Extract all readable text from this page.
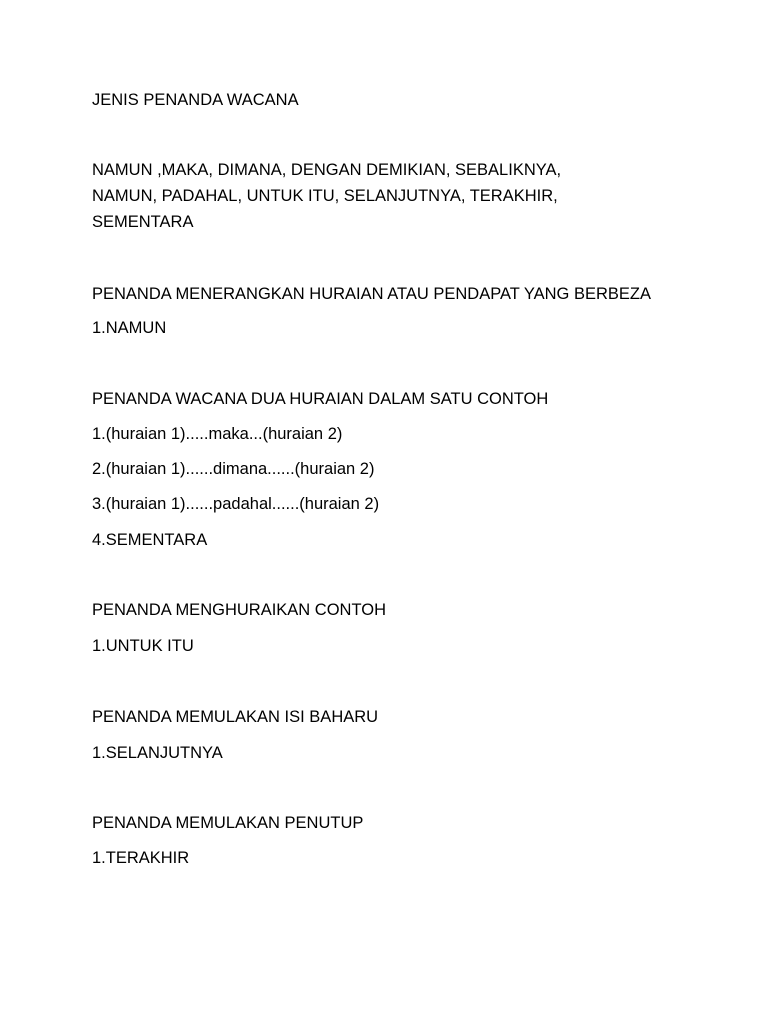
JENIS PENANDA WACANA

NAMUN ,MAKA, DIMANA, DENGAN DEMIKIAN, SEBALIKNYA,

NAMUN, PADAHAL, UNTUK ITU, SELANJUTNYA, TERAKHIR,

SEMENTARA

PENANDA MENERANGKAN HURAIAN ATAU PENDAPAT YANG BERBEZA

1.NAMUN

PENANDA WACANA DUA HURAIAN DALAM SATU CONTOH

1.(huraian 1).....maka...(huraian 2)

2.(huraian 1)......dimana......(huraian 2)

3.(huraian 1)......padahal......(huraian 2)

4.SEMENTARA

PENANDA MENGHURAIKAN CONTOH

1.UNTUK ITU

PENANDA MEMULAKAN ISI BAHARU

1.SELANJUTNYA

PENANDA MEMULAKAN PENUTUP

1.TERAKHIR
